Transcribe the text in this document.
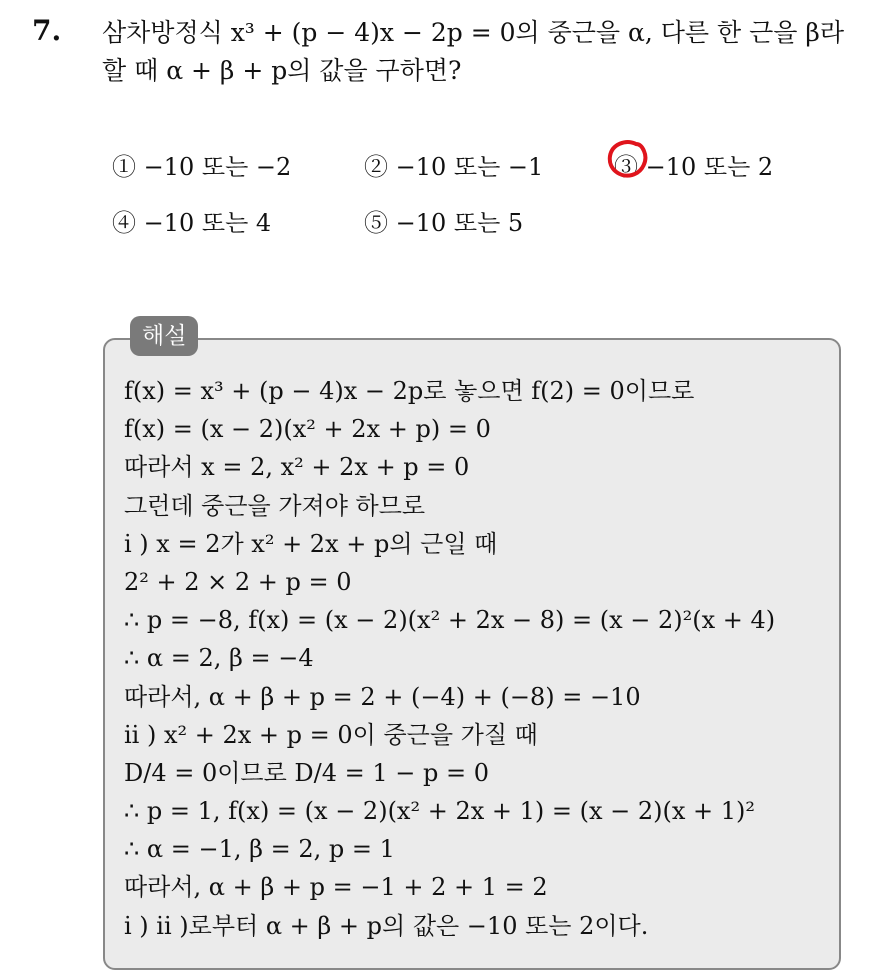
7. 삼차방정식 x³ + (p − 4)x − 2p = 0의 중근을 α, 다른 한 근을 β라 할 때 α + β + p의 값을 구하면?
① −10 또는 −2	② −10 또는 −1	③ −10 또는 2
④ −10 또는 4	⑤ −10 또는 5
해설
f(x) = x³ + (p − 4)x − 2p로 놓으면 f(2) = 0이므로
f(x) = (x − 2)(x² + 2x + p) = 0
따라서 x = 2, x² + 2x + p = 0
그런데 중근을 가져야 하므로
i ) x = 2가 x² + 2x + p의 근일 때
2² + 2 × 2 + p = 0
∴ p = −8, f(x) = (x − 2)(x² + 2x − 8) = (x − 2)²(x + 4)
∴ α = 2, β = −4
따라서, α + β + p = 2 + (−4) + (−8) = −10
ii ) x² + 2x + p = 0이 중근을 가질 때
D/4 = 0이므로 D/4 = 1 − p = 0
∴ p = 1, f(x) = (x − 2)(x² + 2x + 1) = (x − 2)(x + 1)²
∴ α = −1, β = 2, p = 1
따라서, α + β + p = −1 + 2 + 1 = 2
i ) ii )로부터 α + β + p의 값은 −10 또는 2이다.
